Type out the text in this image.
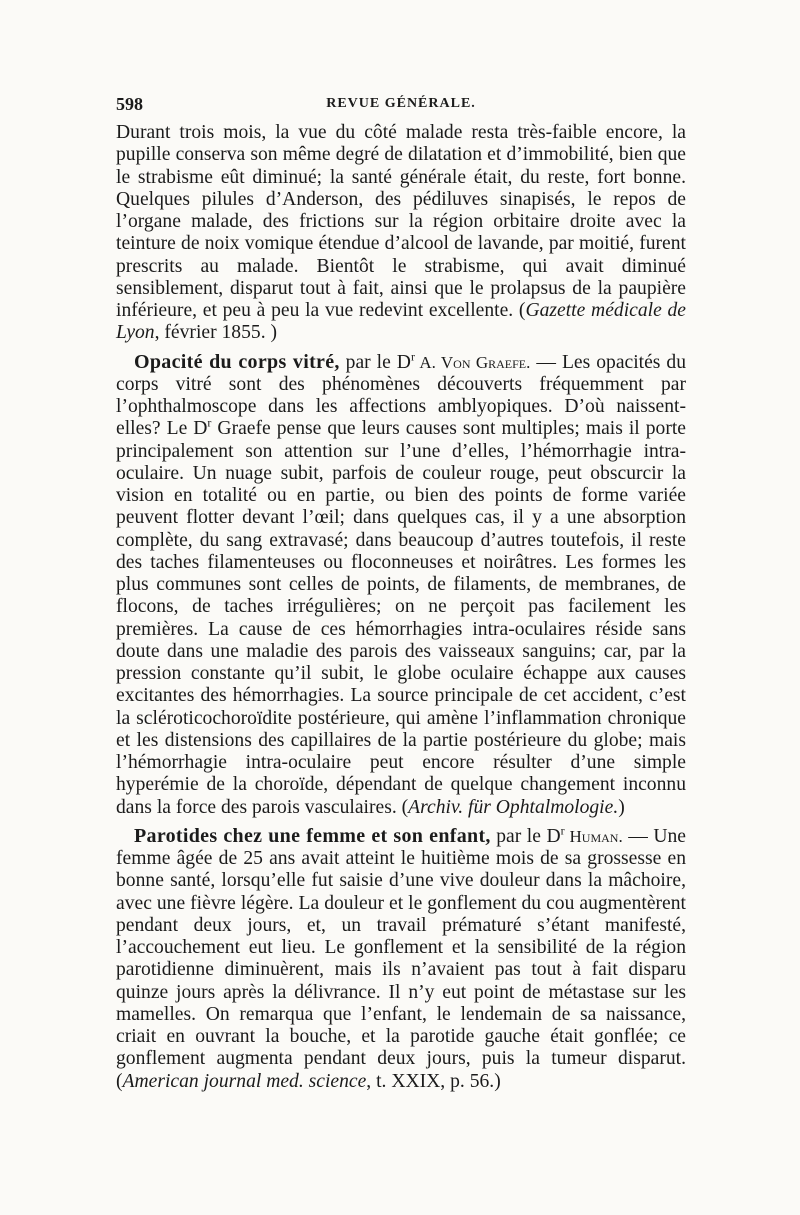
598	REVUE GÉNÉRALE.

Durant trois mois, la vue du côté malade resta très-faible encore, la pupille conserva son même degré de dilatation et d’immobilité, bien que le strabisme eût diminué; la santé générale était, du reste, fort bonne. Quelques pilules d’Anderson, des pédiluves sinapisés, le repos de l’organe malade, des frictions sur la région orbitaire droite avec la teinture de noix vomique étendue d’alcool de lavande, par moitié, furent prescrits au malade. Bientôt le strabisme, qui avait diminué sensiblement, disparut tout à fait, ainsi que le prolapsus de la paupière inférieure, et peu à peu la vue redevint excellente. (Gazette médicale de Lyon, février 1855. )

Opacité du corps vitré, par le $D^r$ A. Von Graefe. — Les opacités du corps vitré sont des phénomènes découverts fréquemment par l’ophthalmoscope dans les affections amblyopiques. D’où naissent-elles? Le $D^r$ Graefe pense que leurs causes sont multiples; mais il porte principalement son attention sur l’une d’elles, l’hémorrhagie intra-oculaire. Un nuage subit, parfois de couleur rouge, peut obscurcir la vision en totalité ou en partie, ou bien des points de forme variée peuvent flotter devant l’œil; dans quelques cas, il y a une absorption complète, du sang extravasé; dans beaucoup d’autres toutefois, il reste des taches filamenteuses ou floconneuses et noirâtres. Les formes les plus communes sont celles de points, de filaments, de membranes, de flocons, de taches irrégulières; on ne perçoit pas facilement les premières. La cause de ces hémorrhagies intra-oculaires réside sans doute dans une maladie des parois des vaisseaux sanguins; car, par la pression constante qu’il subit, le globe oculaire échappe aux causes excitantes des hémorrhagies. La source principale de cet accident, c’est la scléroticochoroïdite postérieure, qui amène l’inflammation chronique et les distensions des capillaires de la partie postérieure du globe; mais l’hémorrhagie intra-oculaire peut encore résulter d’une simple hyperémie de la choroïde, dépendant de quelque changement inconnu dans la force des parois vasculaires. (Archiv. für Ophtalmologie.)

Parotides chez une femme et son enfant, par le $D^r$ Human. — Une femme âgée de 25 ans avait atteint le huitième mois de sa grossesse en bonne santé, lorsqu’elle fut saisie d’une vive douleur dans la mâchoire, avec une fièvre légère. La douleur et le gonflement du cou augmentèrent pendant deux jours, et, un travail prématuré s’étant manifesté, l’accouchement eut lieu. Le gonflement et la sensibilité de la région parotidienne diminuèrent, mais ils n’avaient pas tout à fait disparu quinze jours après la délivrance. Il n’y eut point de métastase sur les mamelles. On remarqua que l’enfant, le lendemain de sa naissance, criait en ouvrant la bouche, et la parotide gauche était gonflée; ce gonflement augmenta pendant deux jours, puis la tumeur disparut. (American journal med. science, t. XXIX, p. 56.)
